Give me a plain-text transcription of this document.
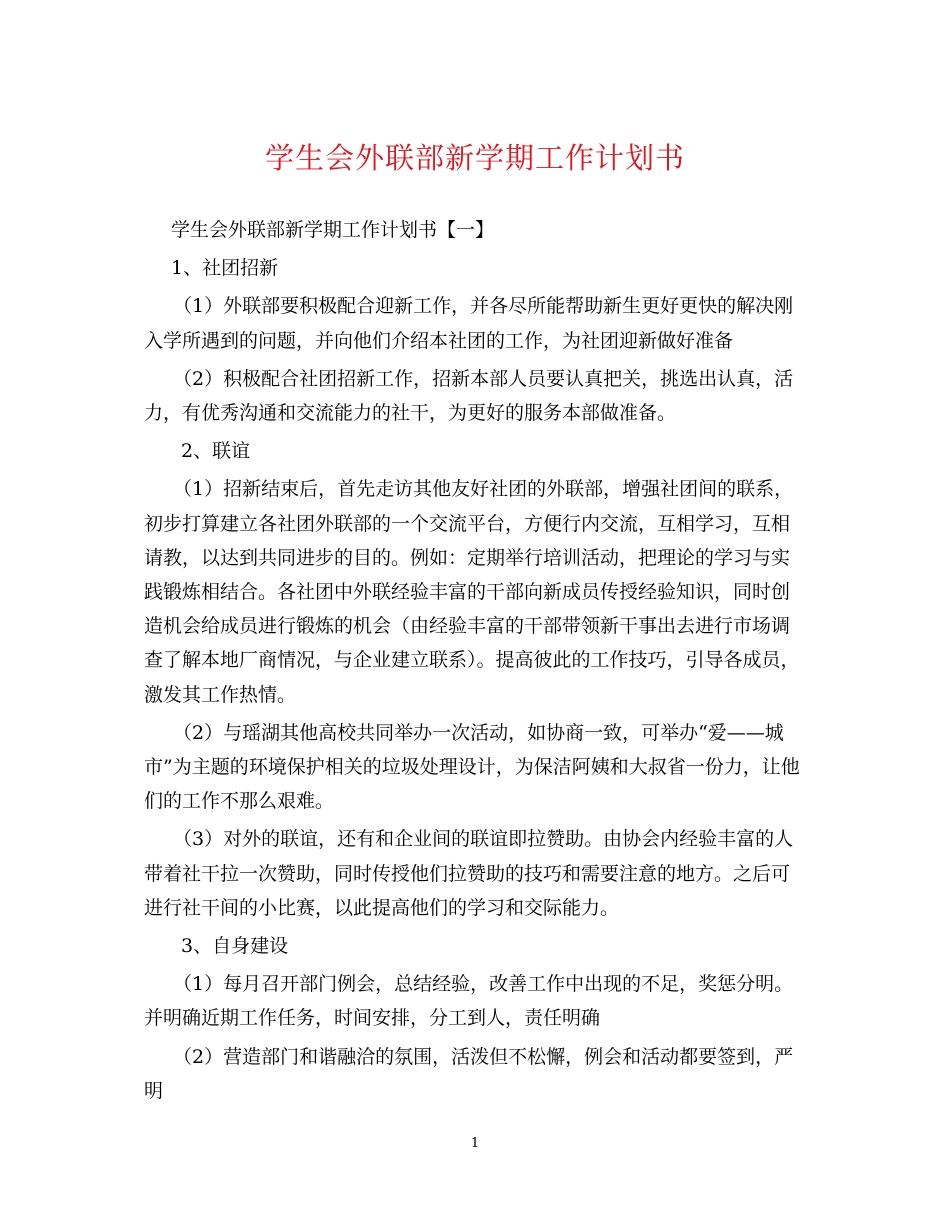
学生会外联部新学期工作计划书

学生会外联部新学期工作计划书【一】

1、社团招新

（1）外联部要积极配合迎新工作，并各尽所能帮助新生更好更快的解决刚入学所遇到的问题，并向他们介绍本社团的工作，为社团迎新做好准备

（2）积极配合社团招新工作，招新本部人员要认真把关，挑选出认真，活力，有优秀沟通和交流能力的社干，为更好的服务本部做准备。

2、联谊

（1）招新结束后，首先走访其他友好社团的外联部，增强社团间的联系，初步打算建立各社团外联部的一个交流平台，方便行内交流，互相学习，互相请教，以达到共同进步的目的。例如：定期举行培训活动，把理论的学习与实践锻炼相结合。各社团中外联经验丰富的干部向新成员传授经验知识，同时创造机会给成员进行锻炼的机会（由经验丰富的干部带领新干事出去进行市场调查了解本地厂商情况，与企业建立联系）。提高彼此的工作技巧，引导各成员，激发其工作热情。

（2）与瑶湖其他高校共同举办一次活动，如协商一致，可举办“爱——城市”为主题的环境保护相关的垃圾处理设计，为保洁阿姨和大叔省一份力，让他们的工作不那么艰难。

（3）对外的联谊，还有和企业间的联谊即拉赞助。由协会内经验丰富的人带着社干拉一次赞助，同时传授他们拉赞助的技巧和需要注意的地方。之后可进行社干间的小比赛，以此提高他们的学习和交际能力。

3、自身建设

（1）每月召开部门例会，总结经验，改善工作中出现的不足，奖惩分明。并明确近期工作任务，时间安排，分工到人，责任明确

（2）营造部门和谐融洽的氛围，活泼但不松懈，例会和活动都要签到，严明

1
